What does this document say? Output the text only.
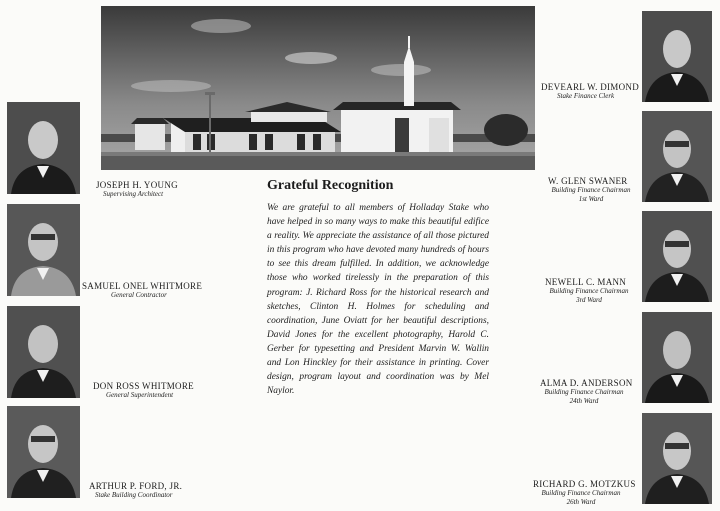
Grateful Recognition
We are grateful to all members of Holladay Stake who have helped in so many ways to make this beautiful edifice a reality. We appreciate the assistance of all those pictured in this program who have devoted many hundreds of hours to see this dream fulfilled. In addition, we acknowledge those who worked tirelessly in the preparation of this program: J. Richard Ross for the historical research and sketches, Clinton H. Holmes for scheduling and coordination, June Oviatt for her beautiful descriptions, David Jones for the excellent photography, Harold C. Gerber for typesetting and President Marvin W. Wallin and Lon Hinckley for their assistance in printing. Cover design, program layout and coordination was by Mel Naylor.
JOSEPH H. YOUNG
Supervising Architect
SAMUEL ONEL WHITMORE
General Contractor
DON ROSS WHITMORE
General Superintendent
ARTHUR P. FORD, JR.
Stake Building Coordinator
DEVEARL W. DIMOND
Stake Finance Clerk
W. GLEN SWANER
Building Finance Chairman
1st Ward
NEWELL C. MANN
Building Finance Chairman
3rd Ward
ALMA D. ANDERSON
Building Finance Chairman
24th Ward
RICHARD G. MOTZKUS
Building Finance Chairman
26th Ward
